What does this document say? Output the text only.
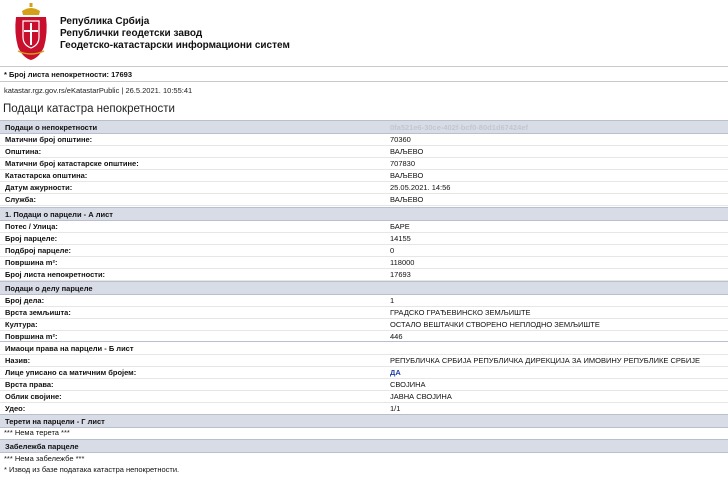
Република Србија
Републички геодетски завод
Геодетско-катастарски информациони систем
* Број листа непокретности: 17693
katastar.rgz.gov.rs/eKatastarPublic | 26.5.2021. 10:55:41
Подаци катастра непокретности
Подаци о непокретности	0fa521e6-30ce-402f-bcf0-80d1d67424ef
Матични број општине:	70360
Општина:	ВАЉЕВО
Матични број катастарске општине:	707830
Катастарска општина:	ВАЉЕВО
Датум ажурности:	25.05.2021. 14:56
Служба:	ВАЉЕВО
1. Подаци о парцели - А лист
Потес / Улица:	БАРЕ
Број парцеле:	14155
Подброј парцеле:	0
Површина m²:	118000
Број листа непокретности:	17693
Подаци о делу парцеле
Број дела:	1
Врста земљишта:	ГРАДСКО ГРАЂЕВИНСКО ЗЕМЉИШТЕ
Култура:	ОСТАЛО ВЕШТАЧКИ СТВОРЕНО НЕПЛОДНО ЗЕМЉИШТЕ
Површина m²:	446
Имаоци права на парцели - Б лист
Назив:	РЕПУБЛИЧКА СРБИЈА РЕПУБЛИЧКА ДИРЕКЦИЈА ЗА ИМОВИНУ РЕПУБЛИКЕ СРБИЈЕ
Лице уписано са матичним бројем:	ДА
Врста права:	СВОЈИНА
Облик својине:	ЈАВНА СВОЈИНА
Удео:	1/1
Терети на парцели - Г лист
*** Нема терета ***
Забележба парцеле
*** Нема забележбе ***
* Извод из базе података катастра непокретности.
